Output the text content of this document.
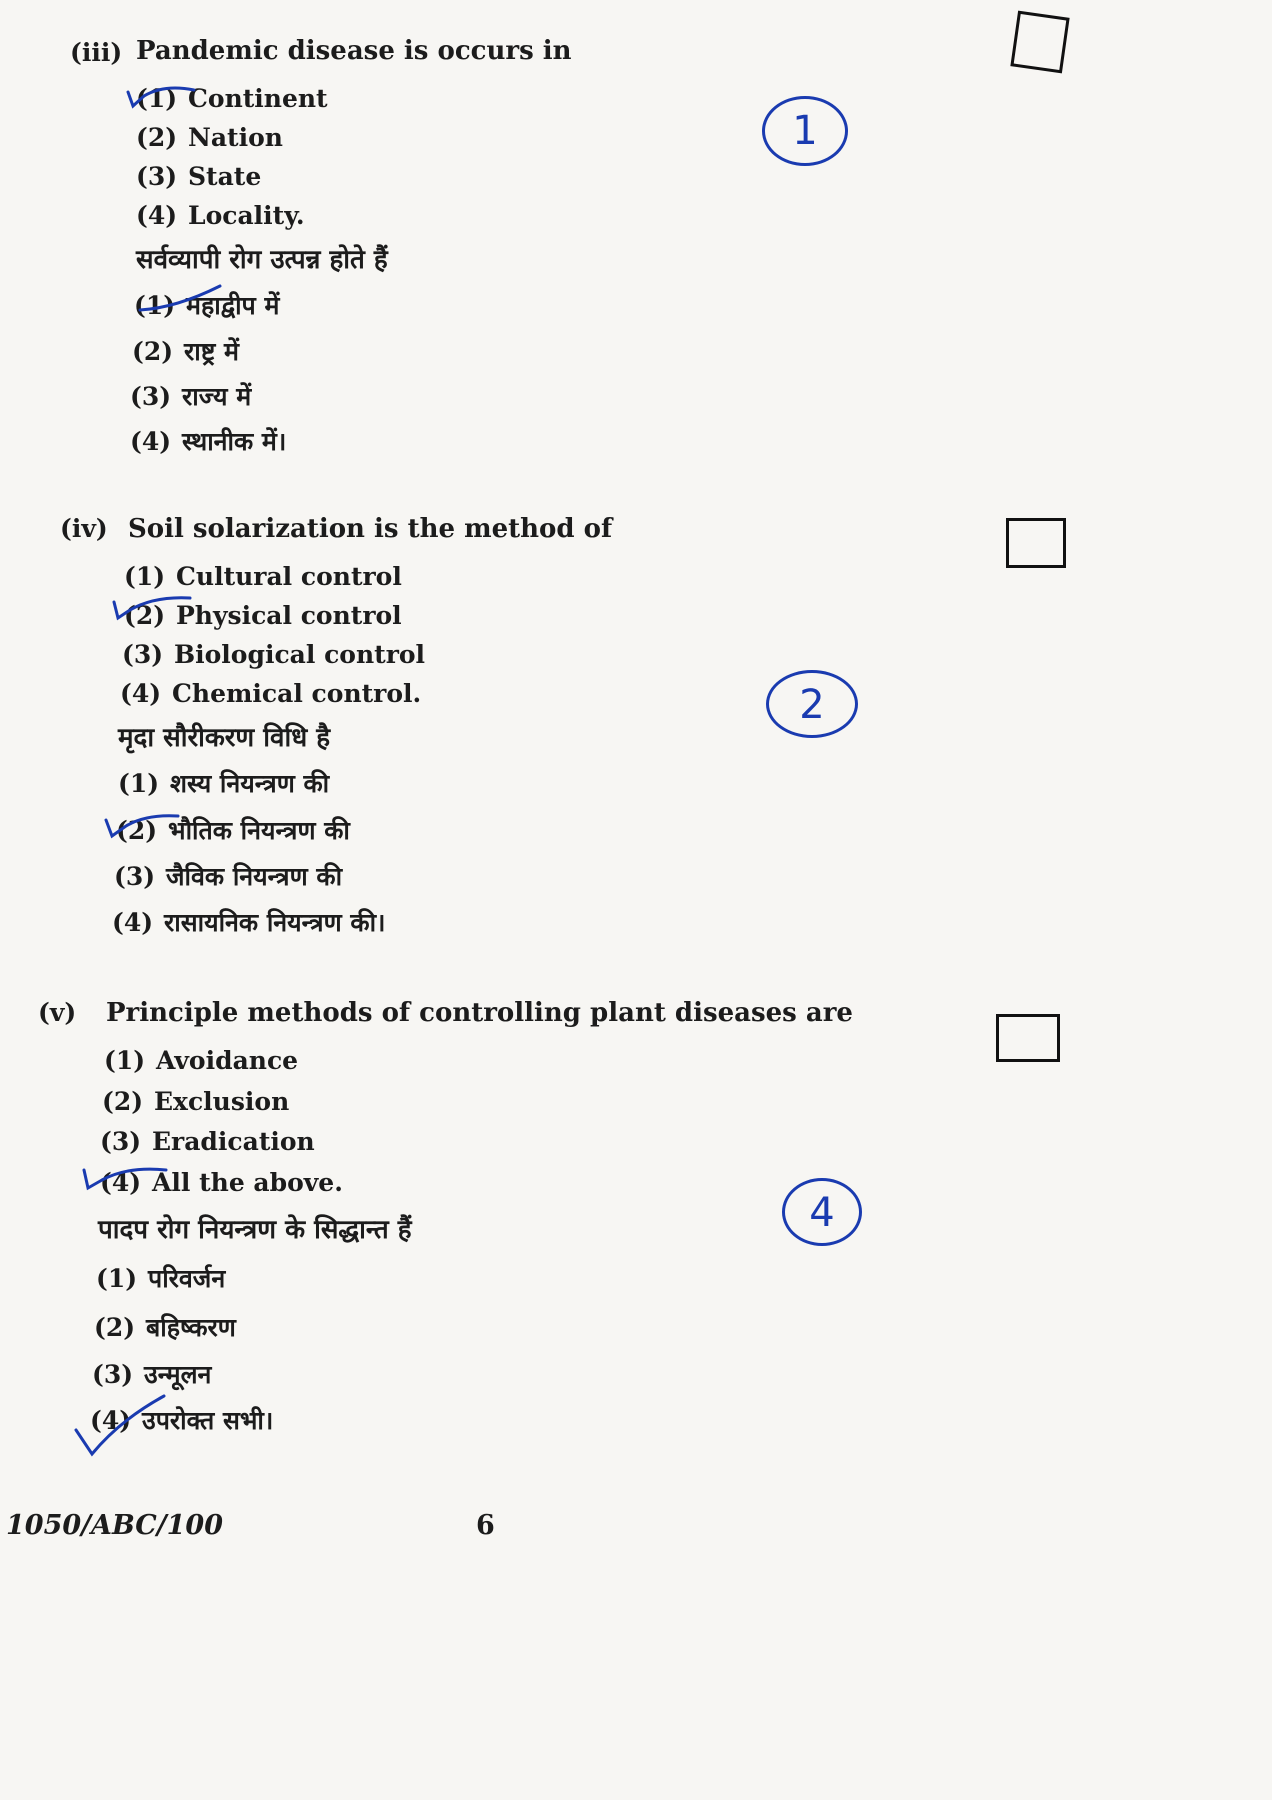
(iii) Pandemic disease is occurs in
(1) Continent
(2) Nation
(3) State
(4) Locality.
सर्वव्यापी रोग उत्पन्न होते हैं
(1) महाद्वीप में
(2) राष्ट्र में
(3) राज्य में
(4) स्थानीक में।
1
(iv) Soil solarization is the method of
(1) Cultural control
(2) Physical control
(3) Biological control
(4) Chemical control.
मृदा सौरीकरण विधि है
(1) शस्य नियन्त्रण की
(2) भौतिक नियन्त्रण की
(3) जैविक नियन्त्रण की
(4) रासायनिक नियन्त्रण की।
2
(v) Principle methods of controlling plant diseases are
(1) Avoidance
(2) Exclusion
(3) Eradication
(4) All the above.
पादप रोग नियन्त्रण के सिद्धान्त हैं
(1) परिवर्जन
(2) बहिष्करण
(3) उन्मूलन
(4) उपरोक्त सभी।
4
1050/ABC/100	6
